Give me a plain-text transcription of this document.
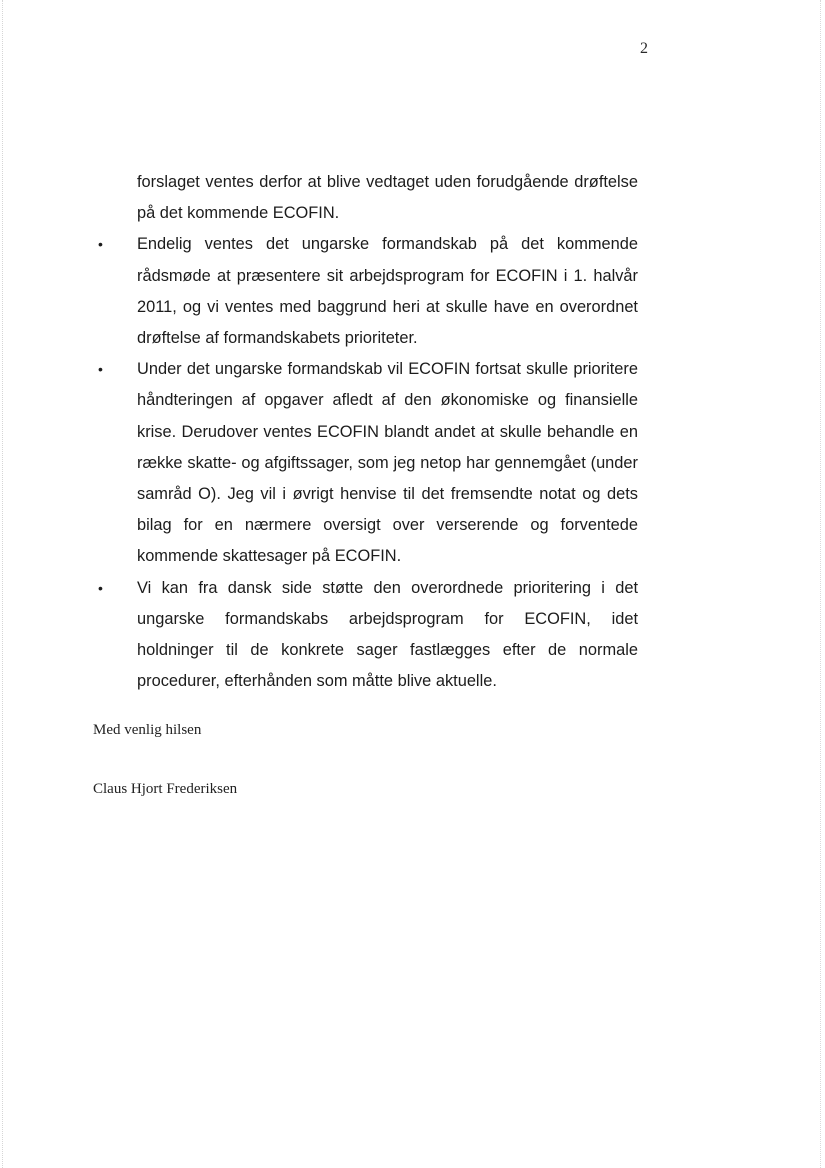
2

forslaget ventes derfor at blive vedtaget uden forudgående drøftelse på det kommende ECOFIN.

•	Endelig ventes det ungarske formandskab på det kommende rådsmøde at præsentere sit arbejdsprogram for ECOFIN i 1. halvår 2011, og vi ventes med baggrund heri at skulle have en overordnet drøftelse af formandskabets prioriteter.
•	Under det ungarske formandskab vil ECOFIN fortsat skulle prioritere håndteringen af opgaver afledt af den økonomiske og finansielle krise. Derudover ventes ECOFIN blandt andet at skulle behandle en række skatte- og afgiftssager, som jeg netop har gennemgået (under samråd O). Jeg vil i øvrigt henvise til det fremsendte notat og dets bilag for en nærmere oversigt over verserende og forventede kommende skattesager på ECOFIN.
•	Vi kan fra dansk side støtte den overordnede prioritering i det ungarske formandskabs arbejdsprogram for ECOFIN, idet holdninger til de konkrete sager fastlægges efter de normale procedurer, efterhånden som måtte blive aktuelle.
Med venlig hilsen
Claus Hjort Frederiksen
